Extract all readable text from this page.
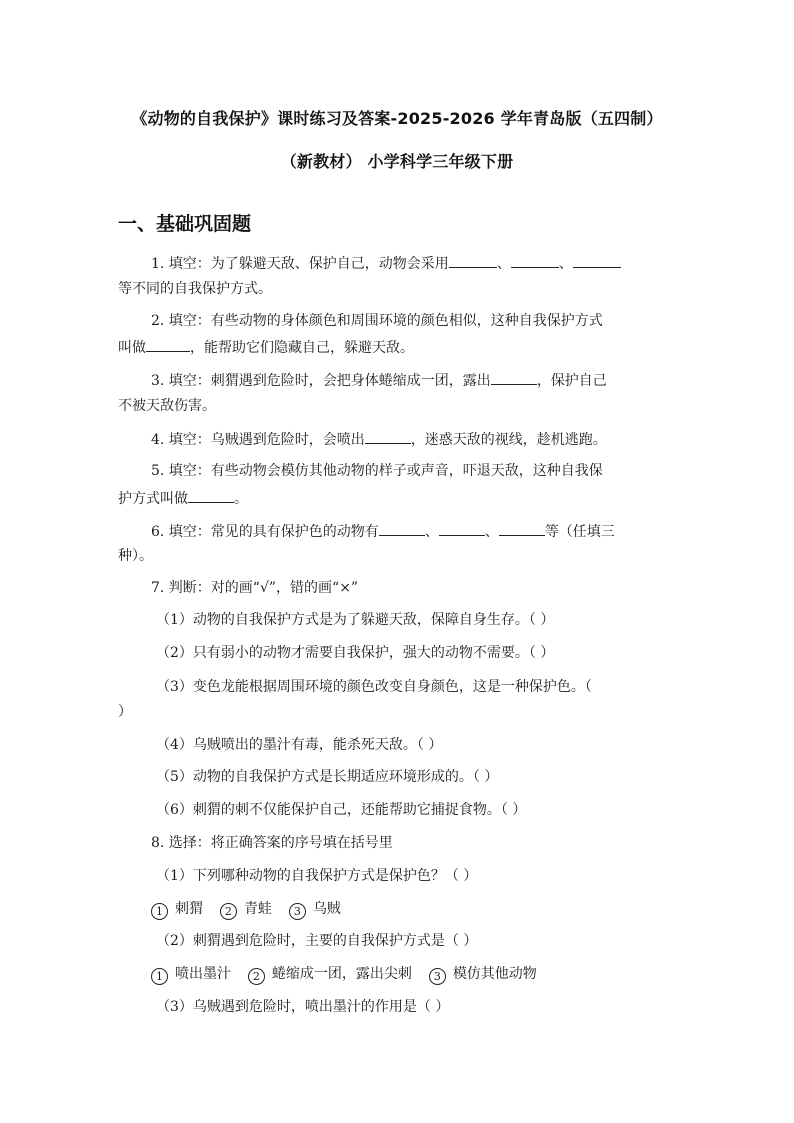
《动物的自我保护》课时练习及答案-2025-2026 学年青岛版（五四制）
（新教材） 小学科学三年级下册
一、基础巩固题
1. 填空：为了躲避天敌、保护自己，动物会采用	、	、
等不同的自我保护方式。
2. 填空：有些动物的身体颜色和周围环境的颜色相似，这种自我保护方式
叫做	，能帮助它们隐藏自己，躲避天敌。
3. 填空：刺猬遇到危险时，会把身体蜷缩成一团，露出	，保护自己
不被天敌伤害。
4. 填空：乌贼遇到危险时，会喷出	，迷惑天敌的视线，趁机逃跑。
5. 填空：有些动物会模仿其他动物的样子或声音，吓退天敌，这种自我保
护方式叫做	。
6. 填空：常见的具有保护色的动物有	、	、	等（任填三
种）。
7. 判断：对的画“√”，错的画“×”
（1）动物的自我保护方式是为了躲避天敌，保障自身生存。（ ）
（2）只有弱小的动物才需要自我保护，强大的动物不需要。（ ）
（3）变色龙能根据周围环境的颜色改变自身颜色，这是一种保护色。（
）
（4）乌贼喷出的墨汁有毒，能杀死天敌。（ ）
（5）动物的自我保护方式是长期适应环境形成的。（ ）
（6）刺猬的刺不仅能保护自己，还能帮助它捕捉食物。（ ）
8. 选择：将正确答案的序号填在括号里
（1）下列哪种动物的自我保护方式是保护色？（ ）
1 刺猬 2 青蛙 3 乌贼
（2）刺猬遇到危险时，主要的自我保护方式是（ ）
1 喷出墨汁 2 蜷缩成一团，露出尖刺 3 模仿其他动物
（3）乌贼遇到危险时，喷出墨汁的作用是（ ）
